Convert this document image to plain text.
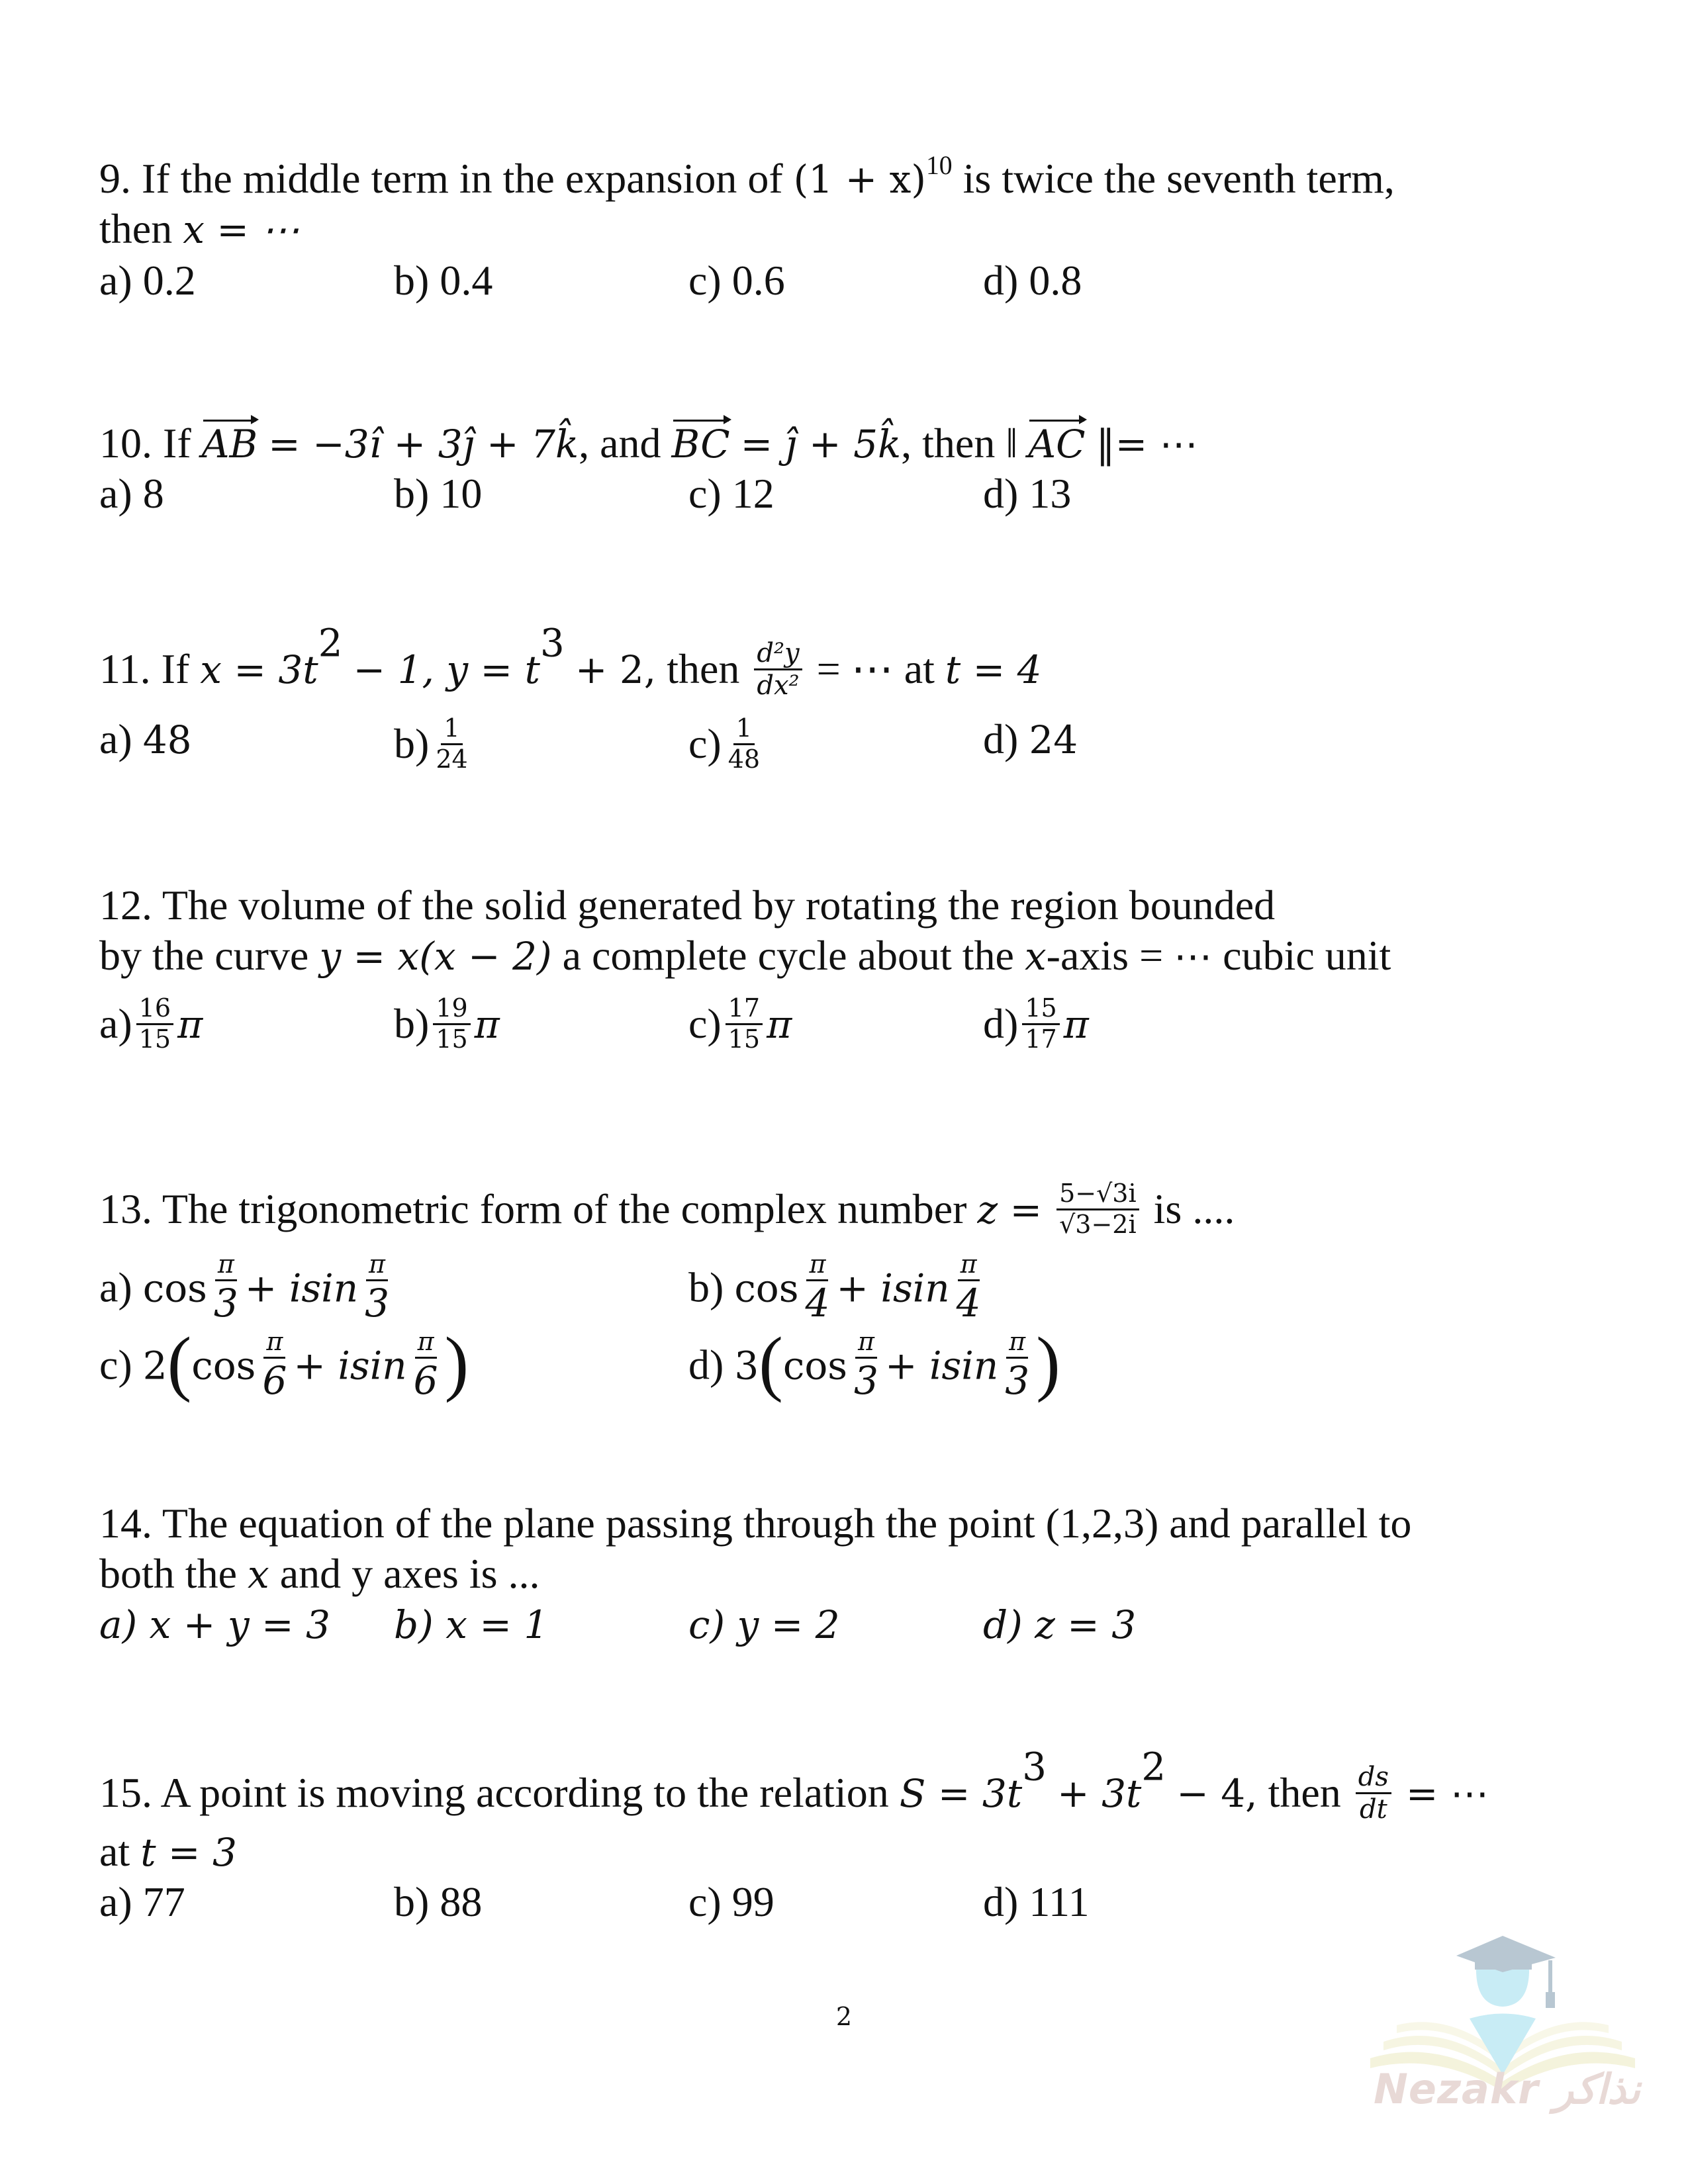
9. If the middle term in the expansion of $(1 + x)^{10}$ is twice the seventh term,
then x = ⋯
a) 0.2	b) 0.4	c) 0.6	d) 0.8
10. If AB = −3ı̂ + 3ȷ̂ + 7k̂, and BC = ȷ̂ + 5k̂, then ‖ AC ‖= ⋯
a) 8	b) 10	c) 12	d) 13
11. If $x = 3t^2 - 1$, $y = t^3 + 2$, then $\frac{\text{d²y}}{\text{dx²}}$ = ⋯ at t = 4
a) 48	$b) \frac{1}{24}$	$c) \frac{1}{48}$	d) 24
12. The volume of the solid generated by rotating the region bounded
by the curve y = x(x − 2) a complete cycle about the x-axis = ⋯ cubic unit
$a) \frac{16}{15}$ π	$b) \frac{19}{15}$ π	$c) \frac{17}{15}$ π	$d) \frac{15}{17}$ π
13. The trigonometric form of the complex number $z = \frac{5-√3i}{√3-2i}$ is ....
a) $\cos \frac{\pi}{3} + isin \frac{\pi}{3}$	b) $\cos \frac{\pi}{4} + isin \frac{\pi}{4}$
c) $2(\cos \frac{\pi}{6} + isin \frac{\pi}{6}$ )	d) $3(\cos \frac{\pi}{3} + isin \frac{\pi}{3}$ )
14. The equation of the plane passing through the point (1,2,3) and parallel to
both the x and y axes is ...
a) x + y = 3 b) x = 1	c) y = 2	d) z = 3
15. A point is moving according to the relation $S = 3t^3 + 3t^2 - 4$, then $\frac{ds}{dt}$ = ⋯
at t = 3
a) 77	b) 88	c) 99	d) 111
2
Nezakr نذاكر
